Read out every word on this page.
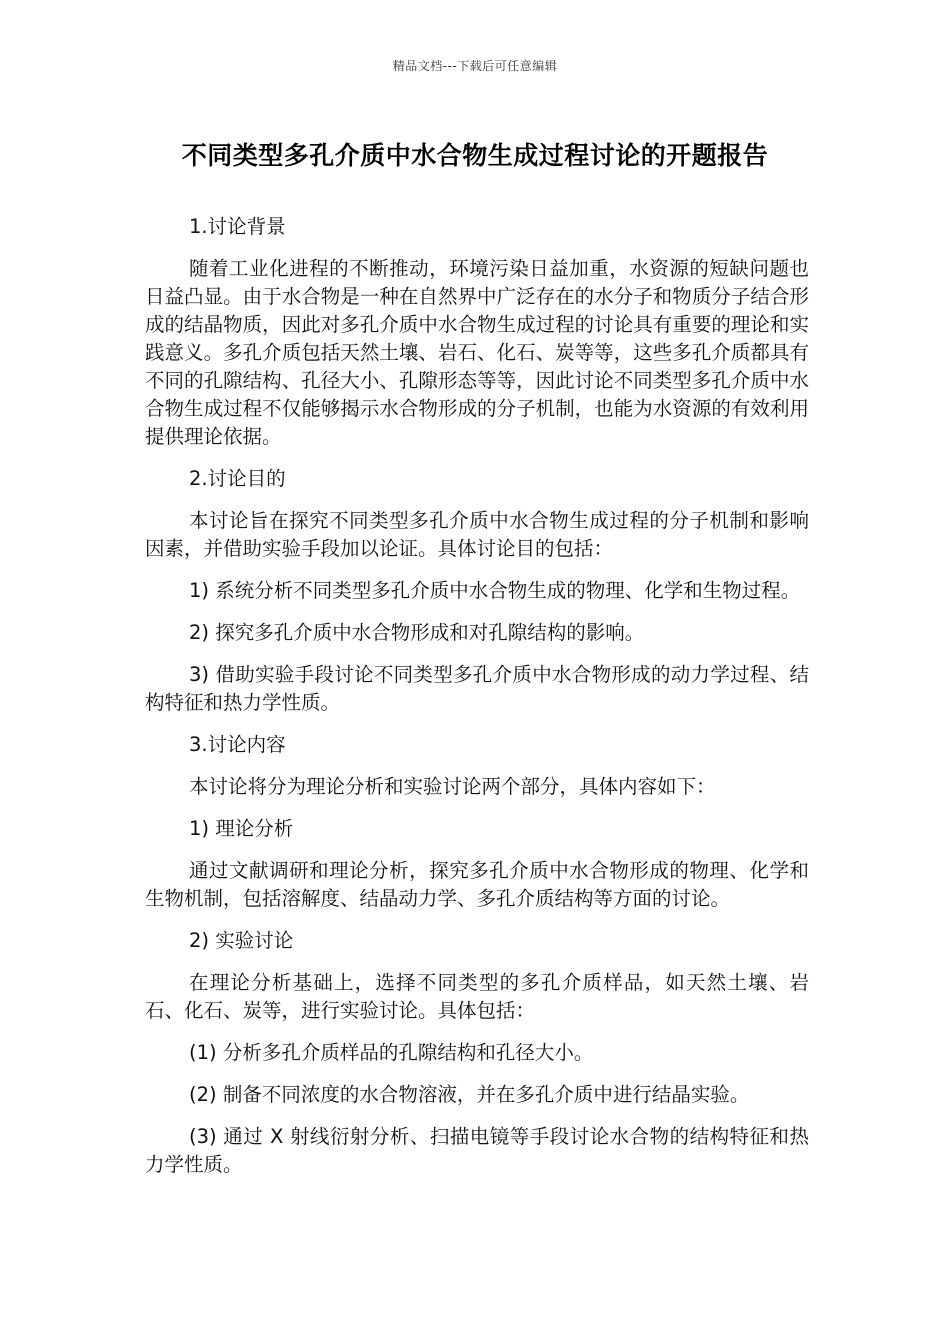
精品文档---下载后可任意编辑
不同类型多孔介质中水合物生成过程讨论的开题报告

1.讨论背景

随着工业化进程的不断推动，环境污染日益加重，水资源的短缺问题也日益凸显。由于水合物是一种在自然界中广泛存在的水分子和物质分子结合形成的结晶物质，因此对多孔介质中水合物生成过程的讨论具有重要的理论和实践意义。多孔介质包括天然土壤、岩石、化石、炭等等，这些多孔介质都具有不同的孔隙结构、孔径大小、孔隙形态等等，因此讨论不同类型多孔介质中水合物生成过程不仅能够揭示水合物形成的分子机制，也能为水资源的有效利用提供理论依据。

2.讨论目的

本讨论旨在探究不同类型多孔介质中水合物生成过程的分子机制和影响因素，并借助实验手段加以论证。具体讨论目的包括：

1) 系统分析不同类型多孔介质中水合物生成的物理、化学和生物过程。

2) 探究多孔介质中水合物形成和对孔隙结构的影响。

3) 借助实验手段讨论不同类型多孔介质中水合物形成的动力学过程、结构特征和热力学性质。

3.讨论内容

本讨论将分为理论分析和实验讨论两个部分，具体内容如下：

1) 理论分析

通过文献调研和理论分析，探究多孔介质中水合物形成的物理、化学和生物机制，包括溶解度、结晶动力学、多孔介质结构等方面的讨论。

2) 实验讨论

在理论分析基础上，选择不同类型的多孔介质样品，如天然土壤、岩石、化石、炭等，进行实验讨论。具体包括：

(1) 分析多孔介质样品的孔隙结构和孔径大小。

(2) 制备不同浓度的水合物溶液，并在多孔介质中进行结晶实验。

(3) 通过 X 射线衍射分析、扫描电镜等手段讨论水合物的结构特征和热力学性质。
